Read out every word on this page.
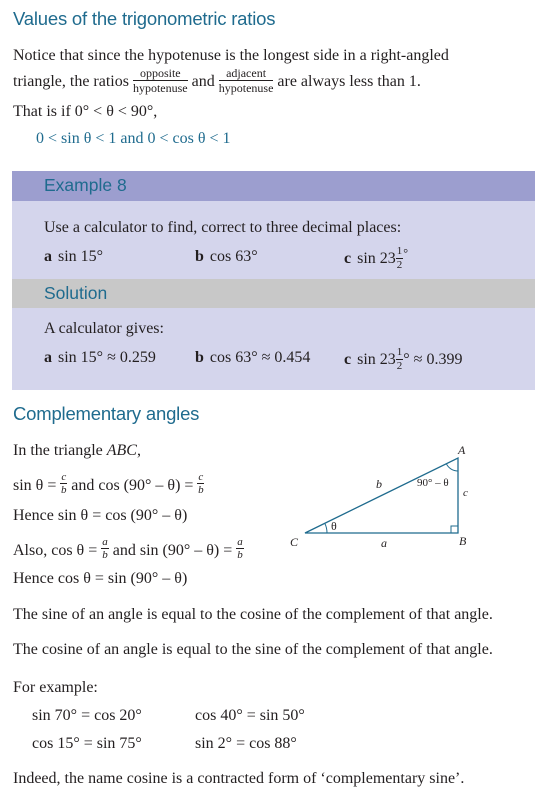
Values of the trigonometric ratios
Notice that since the hypotenuse is the longest side in a right-angled
triangle, the ratios $\frac{\text{opposite}}{\text{hypotenuse}}$ and $\frac{\text{adjacent}}{\text{hypotenuse}}$ are always less than 1.
That is if 0° < θ < 90°,
0 < sin θ < 1 and 0 < cos θ < 1
Example 8
Use a calculator to find, correct to three decimal places:
a sin 15°	b cos 63°	c $\sin 23 \frac{1}{2} ^\circ$
Solution
A calculator gives:
a sin 15° ≈ 0.259 b cos 63° ≈ 0.454 c $\sin 23 \frac{1}{2}$ ° ≈ 0.399
Complementary angles
In the triangle ABC,
$\sin \theta = \frac{c}{b}$ and $\cos (90^\circ - \theta) = \frac{c}{b}$
Hence sin θ = cos (90° – θ)
Also, $\cos \theta = \frac{a}{b}$ and $\sin (90^\circ - \theta) = \frac{a}{b}$
Hence cos θ = sin (90° – θ)
A
B
C	a
b
c
θ
90° – θ
The sine of an angle is equal to the cosine of the complement of that angle.
The cosine of an angle is equal to the sine of the complement of that angle.
For example:
sin 70° = cos 20°	cos 40° = sin 50°
cos 15° = sin 75°	sin 2° = cos 88°
Indeed, the name cosine is a contracted form of ‘complementary sine’.
